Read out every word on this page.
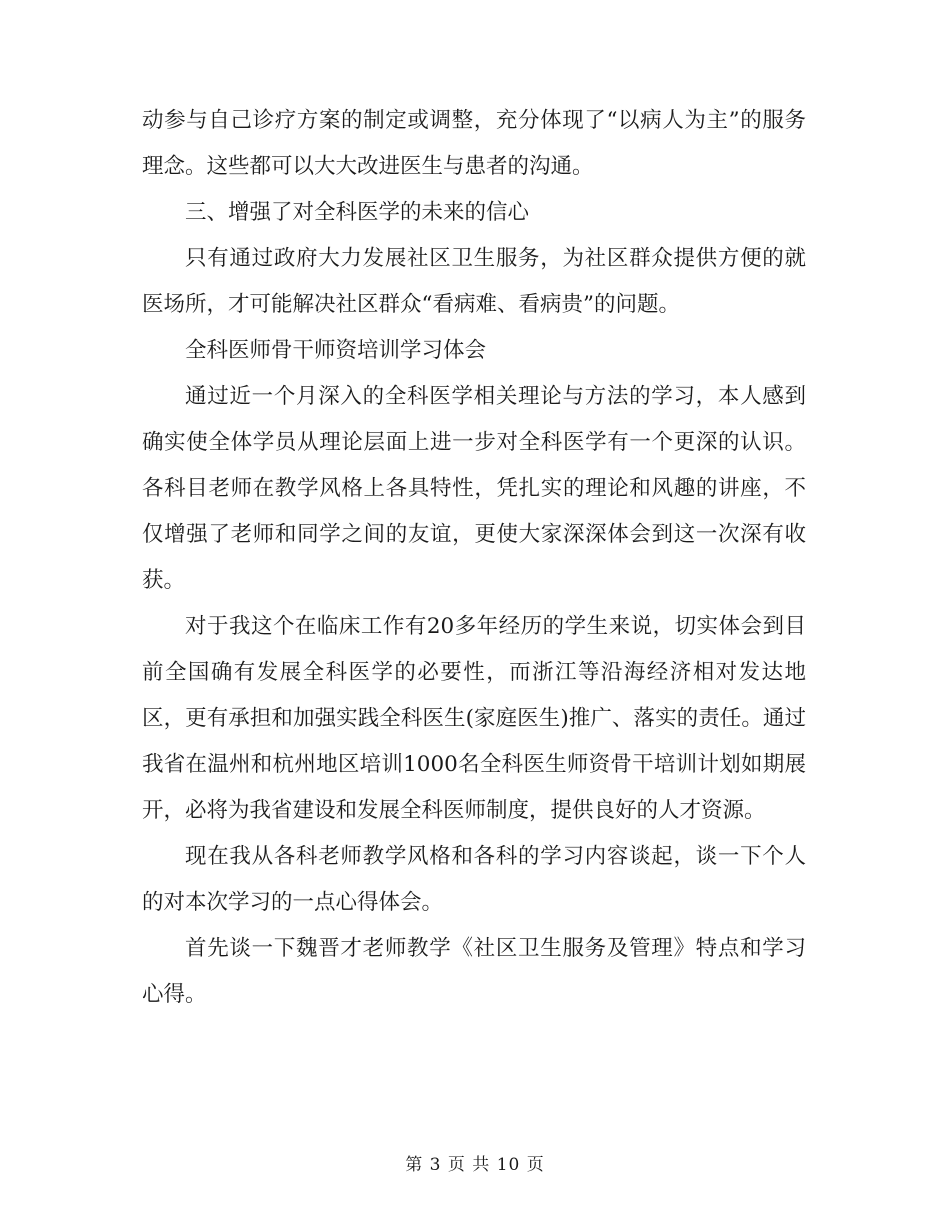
动参与自己诊疗方案的制定或调整，充分体现了“以病人为主”的服务理念。这些都可以大大改进医生与患者的沟通。

三、增强了对全科医学的未来的信心

只有通过政府大力发展社区卫生服务，为社区群众提供方便的就医场所，才可能解决社区群众“看病难、看病贵”的问题。

全科医师骨干师资培训学习体会

通过近一个月深入的全科医学相关理论与方法的学习，本人感到确实使全体学员从理论层面上进一步对全科医学有一个更深的认识。各科目老师在教学风格上各具特性，凭扎实的理论和风趣的讲座，不仅增强了老师和同学之间的友谊，更使大家深深体会到这一次深有收获。

对于我这个在临床工作有20多年经历的学生来说，切实体会到目前全国确有发展全科医学的必要性，而浙江等沿海经济相对发达地区，更有承担和加强实践全科医生(家庭医生)推广、落实的责任。通过我省在温州和杭州地区培训1000名全科医生师资骨干培训计划如期展开，必将为我省建设和发展全科医师制度，提供良好的人才资源。

现在我从各科老师教学风格和各科的学习内容谈起，谈一下个人的对本次学习的一点心得体会。

首先谈一下魏晋才老师教学《社区卫生服务及管理》特点和学习心得。

第 3 页 共 10 页
